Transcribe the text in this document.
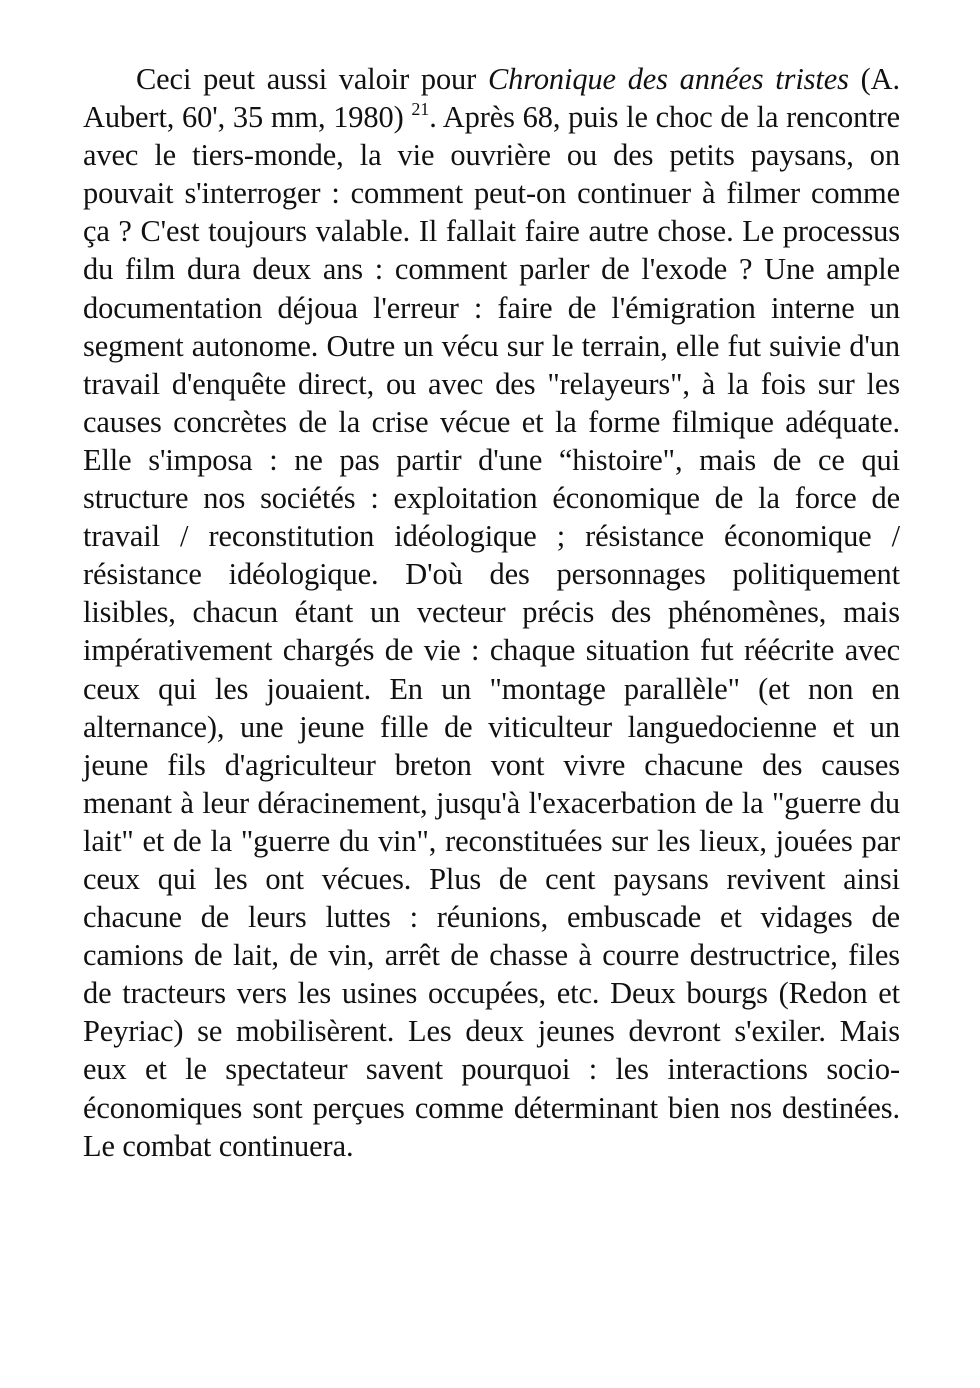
Ceci peut aussi valoir pour Chronique des années tristes (A. Aubert, 60', 35 mm, 1980) $^{21}$. Après 68, puis le choc de la rencontre avec le tiers-monde, la vie ouvrière ou des petits paysans, on pouvait s'interroger : comment peut-on continuer à filmer comme ça ? C'est toujours valable. Il fallait faire autre chose. Le processus du film dura deux ans : comment parler de l'exode ? Une ample documentation déjoua l'erreur : faire de l'émigration interne un segment autonome. Outre un vécu sur le terrain, elle fut suivie d'un travail d'enquête direct, ou avec des "relayeurs", à la fois sur les causes concrètes de la crise vécue et la forme filmique adéquate. Elle s'imposa : ne pas partir d'une “histoire", mais de ce qui structure nos sociétés : exploitation économique de la force de travail / reconstitution idéologique ; résistance économique / résistance idéologique. D'où des personnages politiquement lisibles, chacun étant un vecteur précis des phénomènes, mais impérativement chargés de vie : chaque situation fut réécrite avec ceux qui les jouaient. En un "montage parallèle" (et non en alternance), une jeune fille de viticulteur languedocienne et un jeune fils d'agriculteur breton vont vivre chacune des causes menant à leur déracinement, jusqu'à l'exacerbation de la "guerre du lait" et de la "guerre du vin", reconstituées sur les lieux, jouées par ceux qui les ont vécues. Plus de cent paysans revivent ainsi chacune de leurs luttes : réunions, embuscade et vidages de camions de lait, de vin, arrêt de chasse à courre destructrice, files de tracteurs vers les usines occupées, etc. Deux bourgs (Redon et Peyriac) se mobilisèrent. Les deux jeunes devront s'exiler. Mais eux et le spectateur savent pourquoi : les interactions socio-économiques sont perçues comme déterminant bien nos destinées. Le combat continuera.
